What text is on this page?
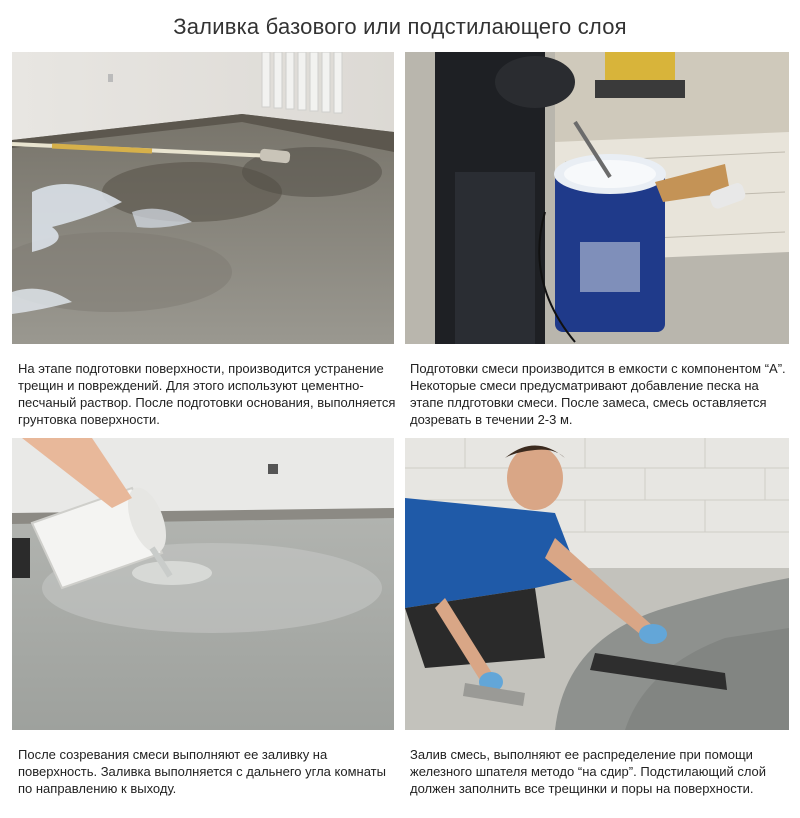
Заливка базового или подстилающего слоя
На этапе подготовки поверхности, производится устранение трещин и повреждений. Для этого используют цементно-песчаный раствор. После подготовки основания, выполняется грунтовка поверхности.
Подготовки смеси производится в емкости с компонентом “А”. Некоторые смеси предусматривают добавление песка на этапе плдготовки смеси. После замеса, смесь оставляется дозревать в течении 2-3 м.
После созревания смеси выполняют ее заливку на поверхность. Заливка выполняется с дальнего угла комнаты по направлению к выходу.
Залив смесь, выполняют ее распределение при помощи железного шпателя методо “на сдир”. Подстилающий слой должен заполнить все трещинки и поры на поверхности.
